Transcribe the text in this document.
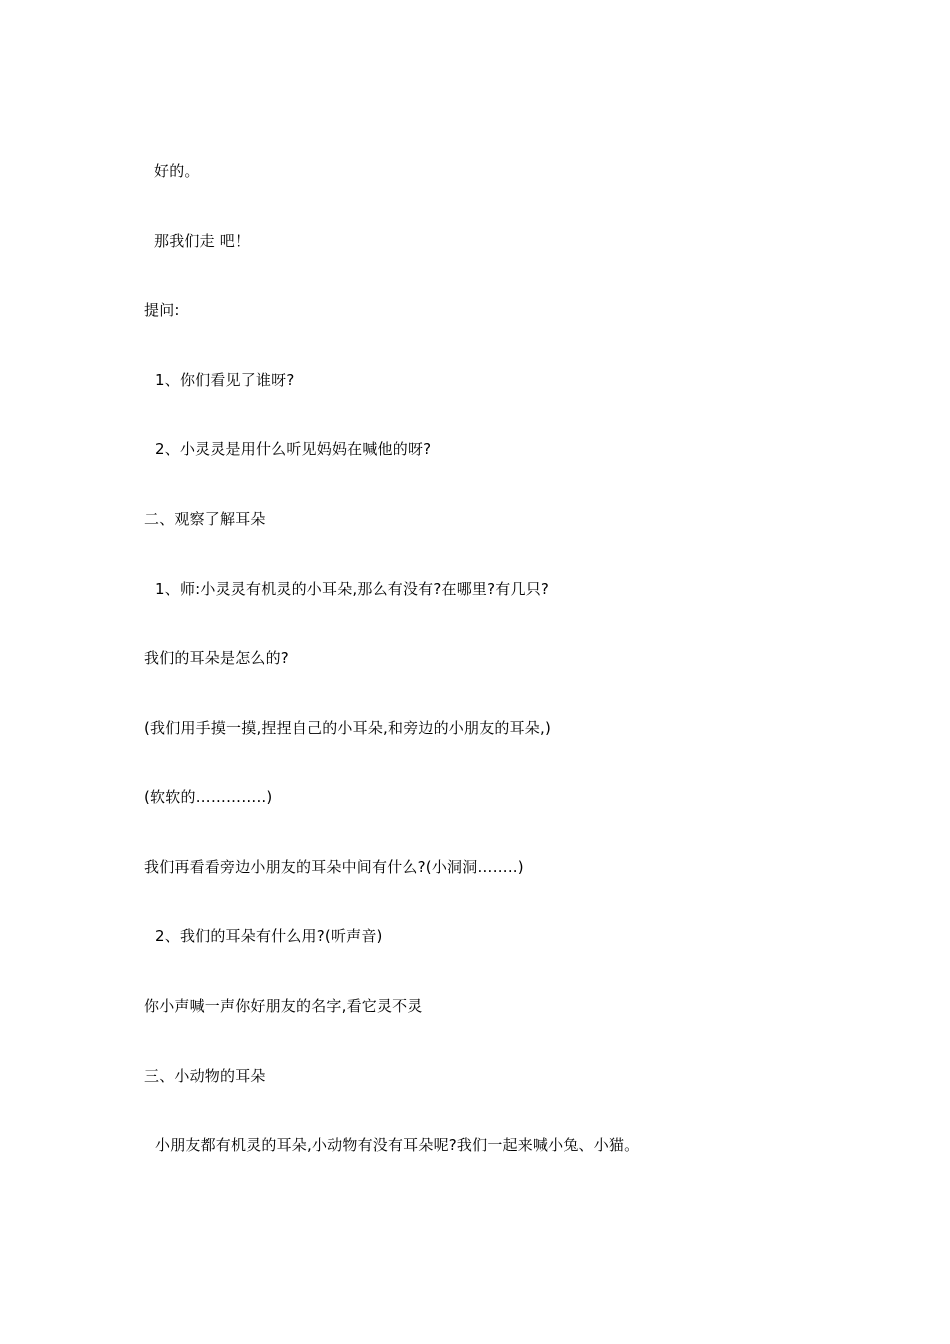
好的。
那我们走 吧！
提问:
1、你们看见了谁呀?
2、小灵灵是用什么听见妈妈在喊他的呀?
二、观察了解耳朵
1、师:小灵灵有机灵的小耳朵,那么有没有?在哪里?有几只?
我们的耳朵是怎么的?
(我们用手摸一摸,捏捏自己的小耳朵,和旁边的小朋友的耳朵,)
(软软的…………..)
我们再看看旁边小朋友的耳朵中间有什么?(小洞洞……..)
2、我们的耳朵有什么用?(听声音)
你小声喊一声你好朋友的名字,看它灵不灵
三、小动物的耳朵
小朋友都有机灵的耳朵,小动物有没有耳朵呢?我们一起来喊小兔、小猫。
